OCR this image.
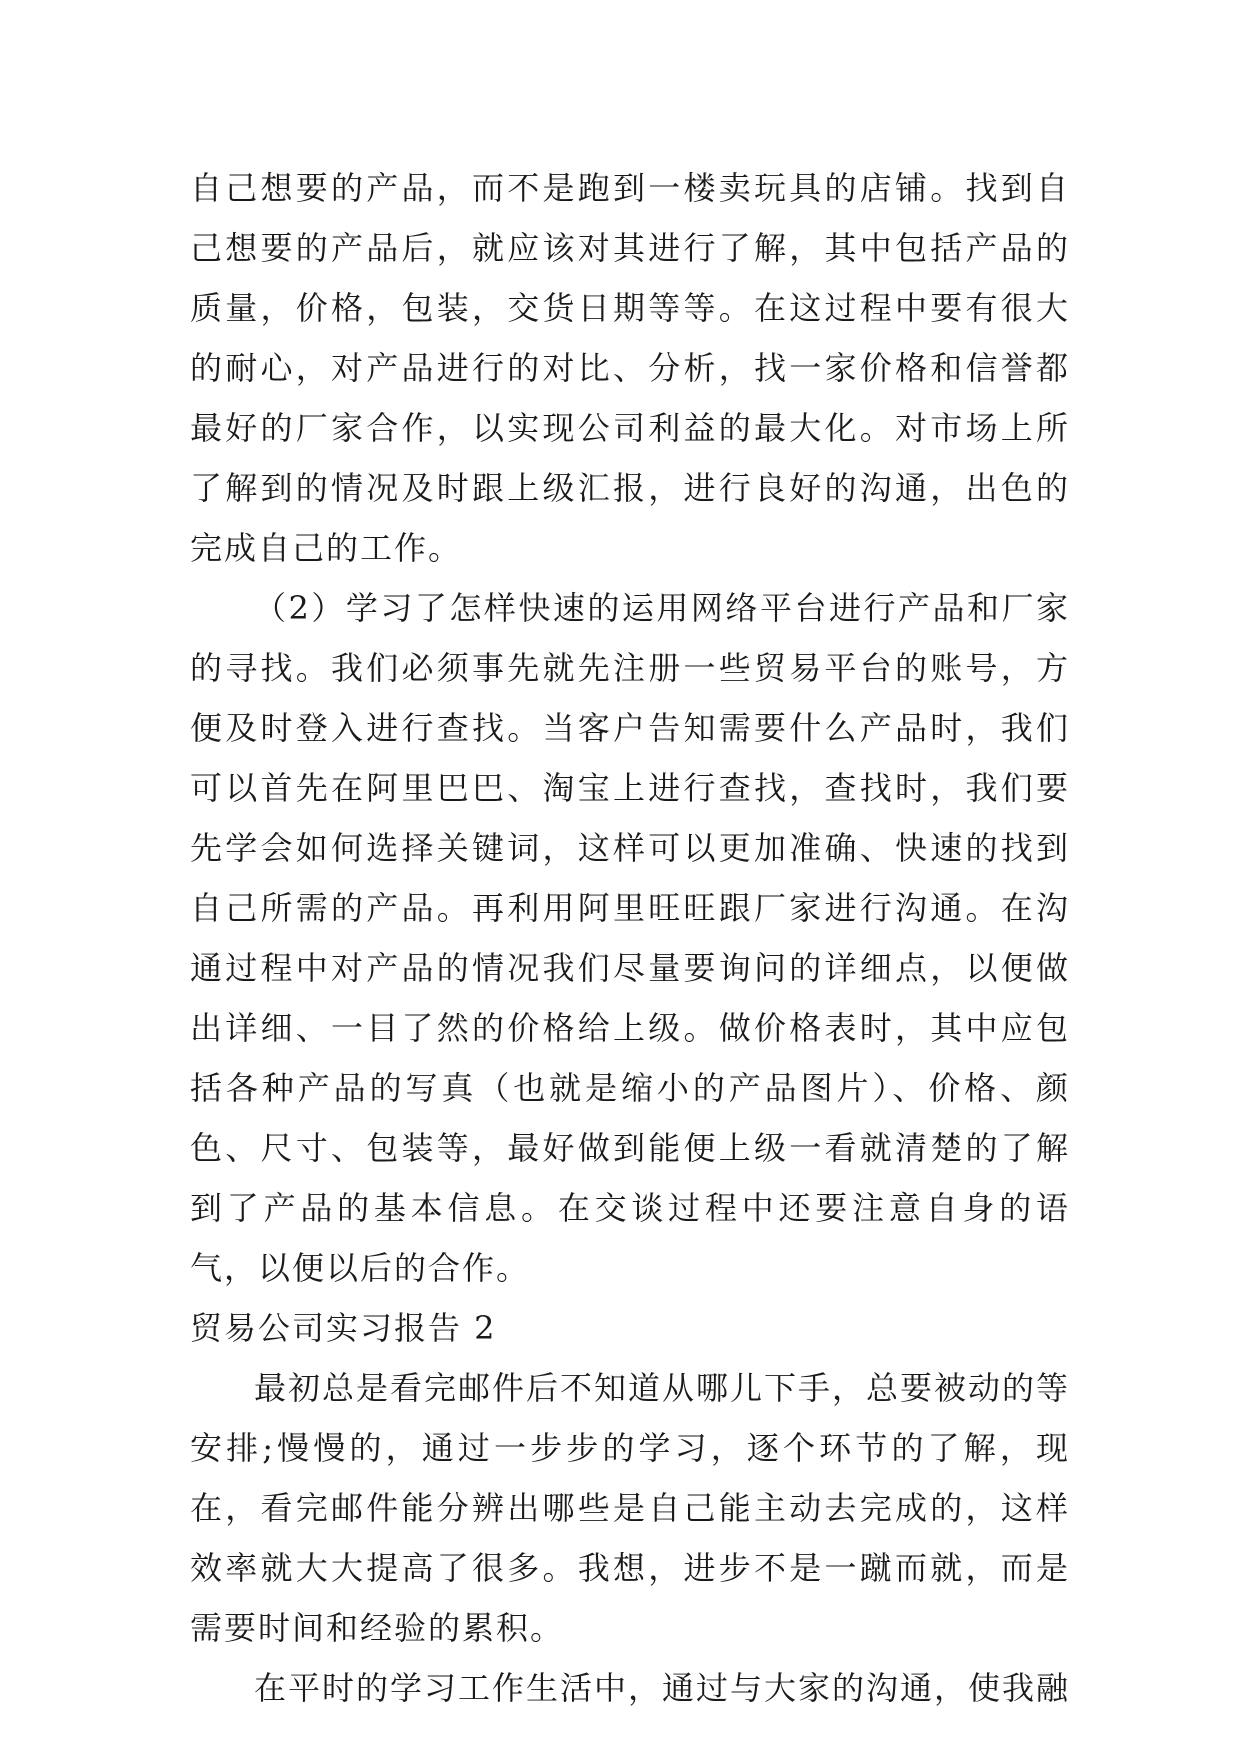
自己想要的产品，而不是跑到一楼卖玩具的店铺。找到自己想要的产品后，就应该对其进行了解，其中包括产品的质量，价格，包装，交货日期等等。在这过程中要有很大的耐心，对产品进行的对比、分析，找一家价格和信誉都最好的厂家合作，以实现公司利益的最大化。对市场上所了解到的情况及时跟上级汇报，进行良好的沟通，出色的完成自己的工作。

（2）学习了怎样快速的运用网络平台进行产品和厂家的寻找。我们必须事先就先注册一些贸易平台的账号，方便及时登入进行查找。当客户告知需要什么产品时，我们可以首先在阿里巴巴、淘宝上进行查找，查找时，我们要先学会如何选择关键词，这样可以更加准确、快速的找到自己所需的产品。再利用阿里旺旺跟厂家进行沟通。在沟通过程中对产品的情况我们尽量要询问的详细点，以便做出详细、一目了然的价格给上级。做价格表时，其中应包括各种产品的写真（也就是缩小的产品图片）、价格、颜色、尺寸、包装等，最好做到能便上级一看就清楚的了解到了产品的基本信息。在交谈过程中还要注意自身的语气，以便以后的合作。

贸易公司实习报告 2

最初总是看完邮件后不知道从哪儿下手，总要被动的等安排;慢慢的，通过一步步的学习，逐个环节的了解，现在，看完邮件能分辨出哪些是自己能主动去完成的，这样效率就大大提高了很多。我想，进步不是一蹴而就，而是需要时间和经验的累积。

在平时的学习工作生活中，通过与大家的沟通，使我融
